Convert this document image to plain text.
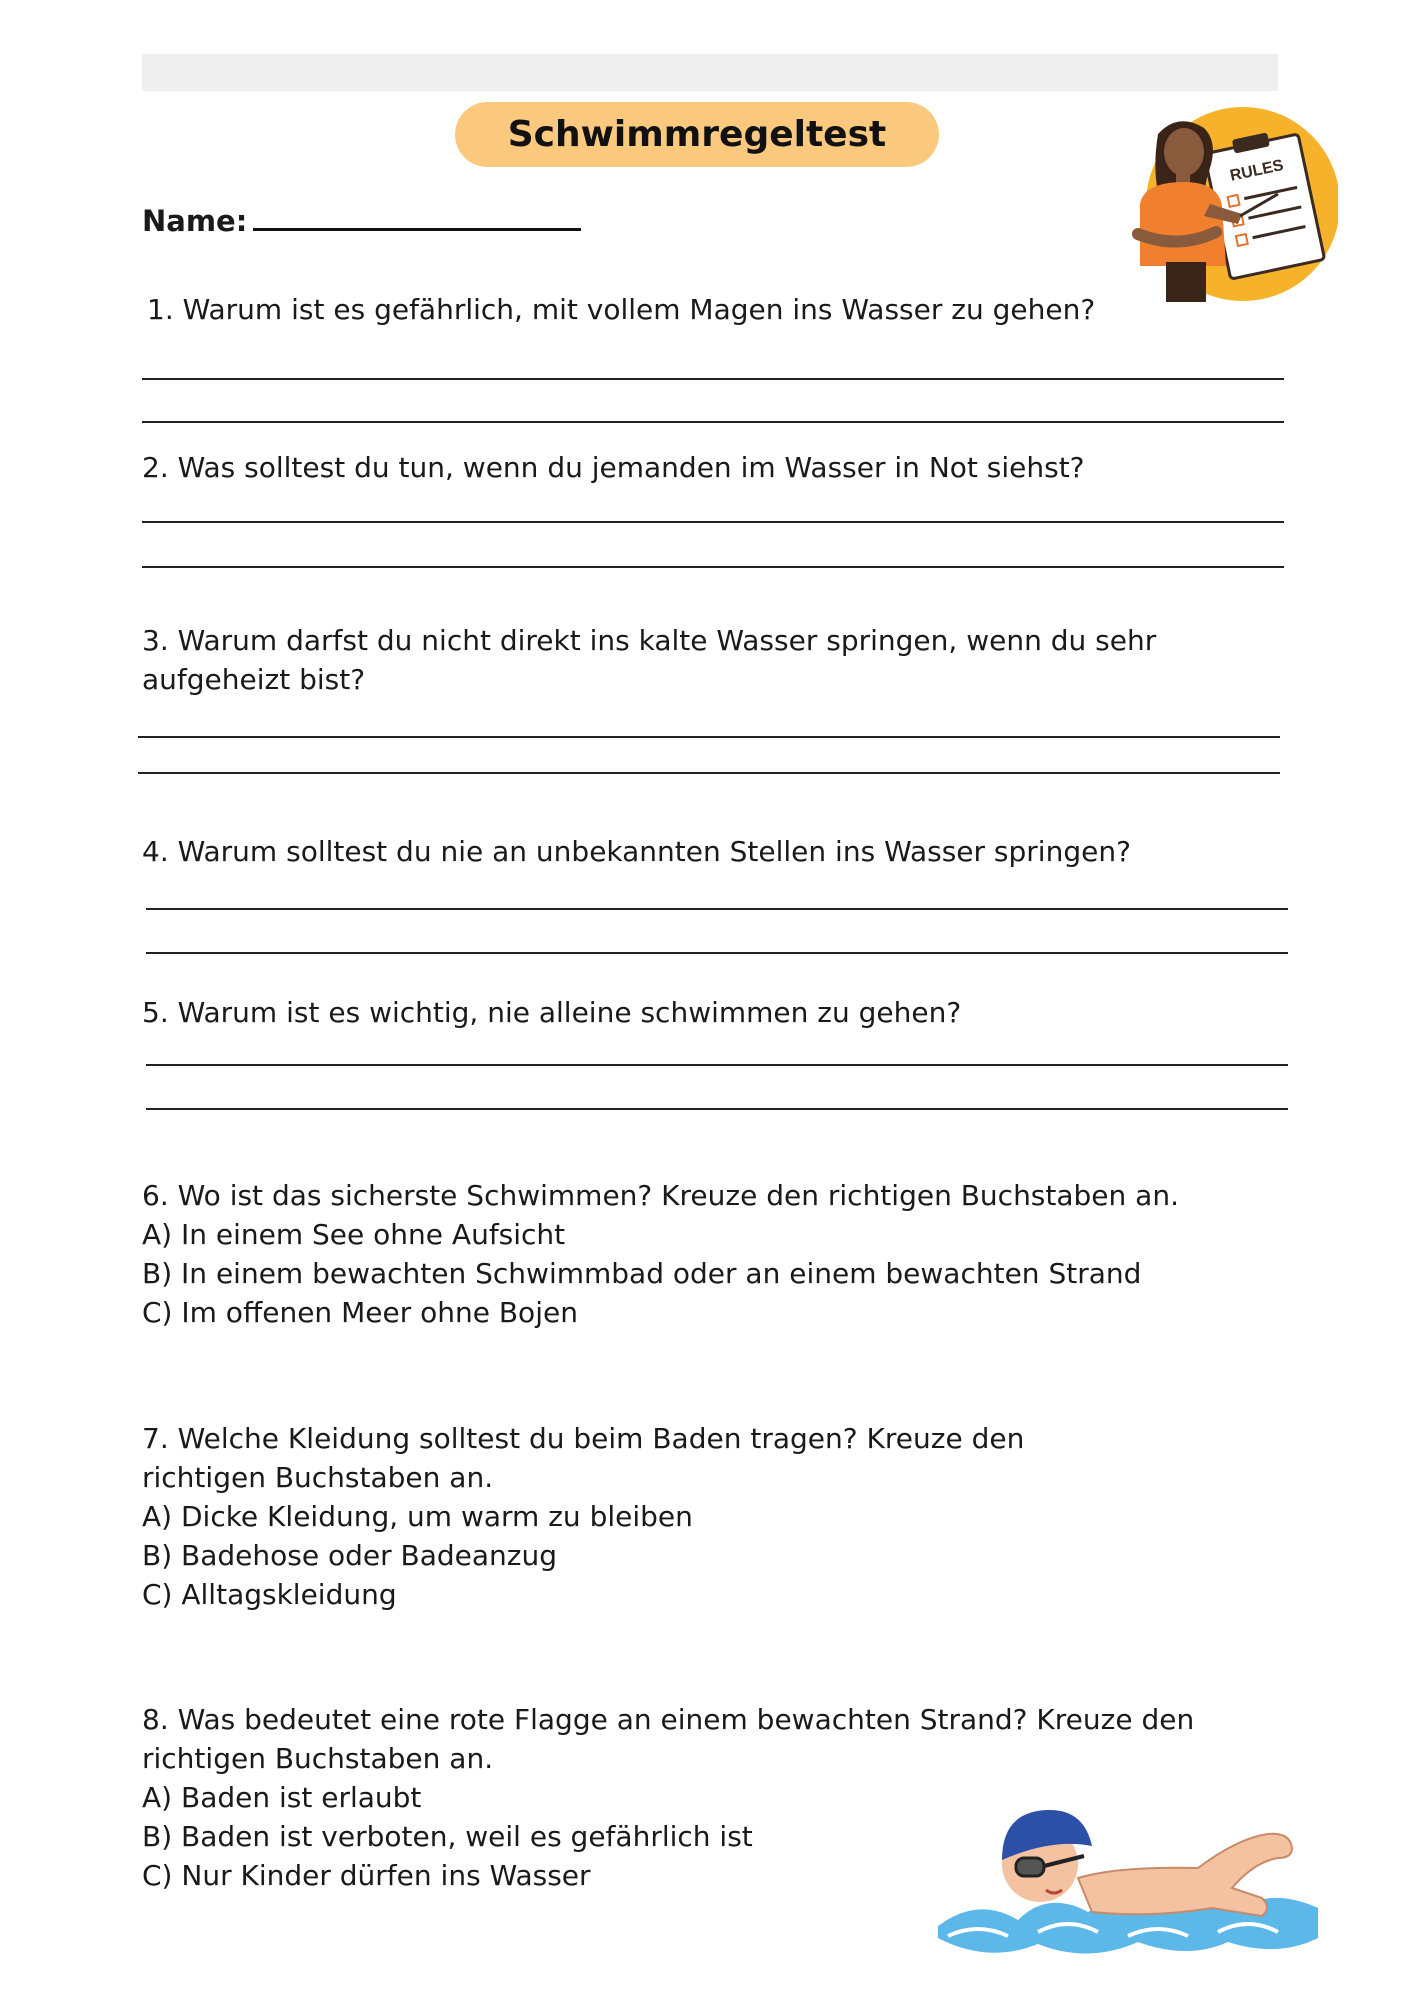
Schwimmregeltest
Name:
RULES
1. Warum ist es gefährlich, mit vollem Magen ins Wasser zu gehen?
2. Was solltest du tun, wenn du jemanden im Wasser in Not siehst?
3. Warum darfst du nicht direkt ins kalte Wasser springen, wenn du sehr aufgeheizt bist?
4. Warum solltest du nie an unbekannten Stellen ins Wasser springen?
5. Warum ist es wichtig, nie alleine schwimmen zu gehen?
6. Wo ist das sicherste Schwimmen? Kreuze den richtigen Buchstaben an.
A) In einem See ohne Aufsicht
B) In einem bewachten Schwimmbad oder an einem bewachten Strand
C) Im offenen Meer ohne Bojen
7. Welche Kleidung solltest du beim Baden tragen? Kreuze den richtigen Buchstaben an.
A) Dicke Kleidung, um warm zu bleiben
B) Badehose oder Badeanzug
C) Alltagskleidung
8. Was bedeutet eine rote Flagge an einem bewachten Strand? Kreuze den richtigen Buchstaben an.
A) Baden ist erlaubt
B) Baden ist verboten, weil es gefährlich ist
C) Nur Kinder dürfen ins Wasser
